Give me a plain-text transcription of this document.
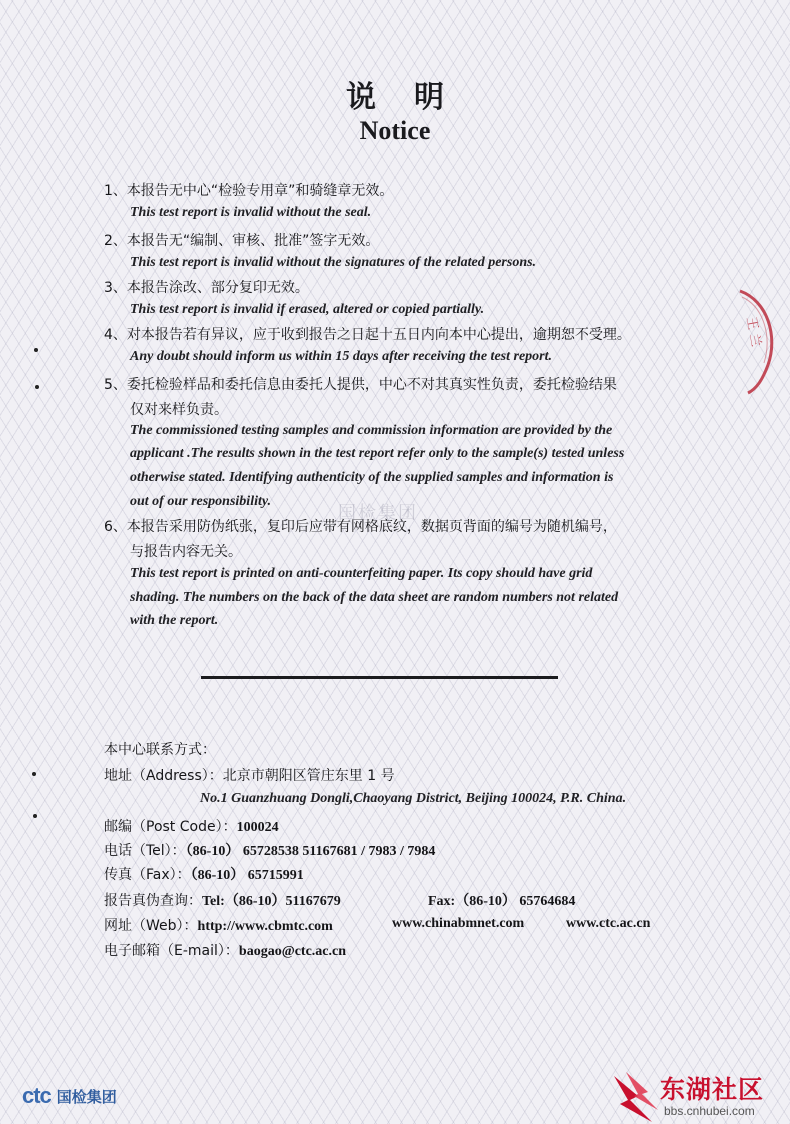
说明
Notice
1、本报告无中心“检验专用章”和骑缝章无效。
This test report is invalid without the seal.
2、本报告无“编制、审核、批准”签字无效。
This test report is invalid without the signatures of the related persons.
3、本报告涂改、部分复印无效。
This test report is invalid if erased, altered or copied partially.
4、对本报告若有异议，应于收到报告之日起十五日内向本中心提出，逾期恕不受理。
Any doubt should inform us within 15 days after receiving the test report.
5、委托检验样品和委托信息由委托人提供，中心不对其真实性负责，委托检验结果
仅对来样负责。
The commissioned testing samples and commission information are provided by the
applicant .The results shown in the test report refer only to the sample(s) tested unless
otherwise stated. Identifying authenticity of the supplied samples and information is
out of our responsibility.
6、本报告采用防伪纸张，复印后应带有网格底纹，数据页背面的编号为随机编号，
与报告内容无关。
This test report is printed on anti-counterfeiting paper. Its copy should have grid
shading. The numbers on the back of the data sheet are random numbers not related
with the report.
国检集团
本中心联系方式：
地址（Address）：北京市朝阳区管庄东里 1 号
No.1 Guanzhuang Dongli,Chaoyang District, Beijing 100024, P.R. China.
邮编（Post Code）：100024
电话（Tel）：（86-10） 65728538 51167681 / 7983 / 7984
传真（Fax）：（86-10） 65715991
报告真伪查询：Tel:（86-10）51167679	Fax:（86-10） 65764684
网址（Web）：http://www.cbmtc.com	www.chinabmnet.com	www.ctc.ac.cn
电子邮箱（E-mail）：baogao@ctc.ac.cn
王 兰
ctc 国检集团	东湖社区
bbs.cnhubei.com
